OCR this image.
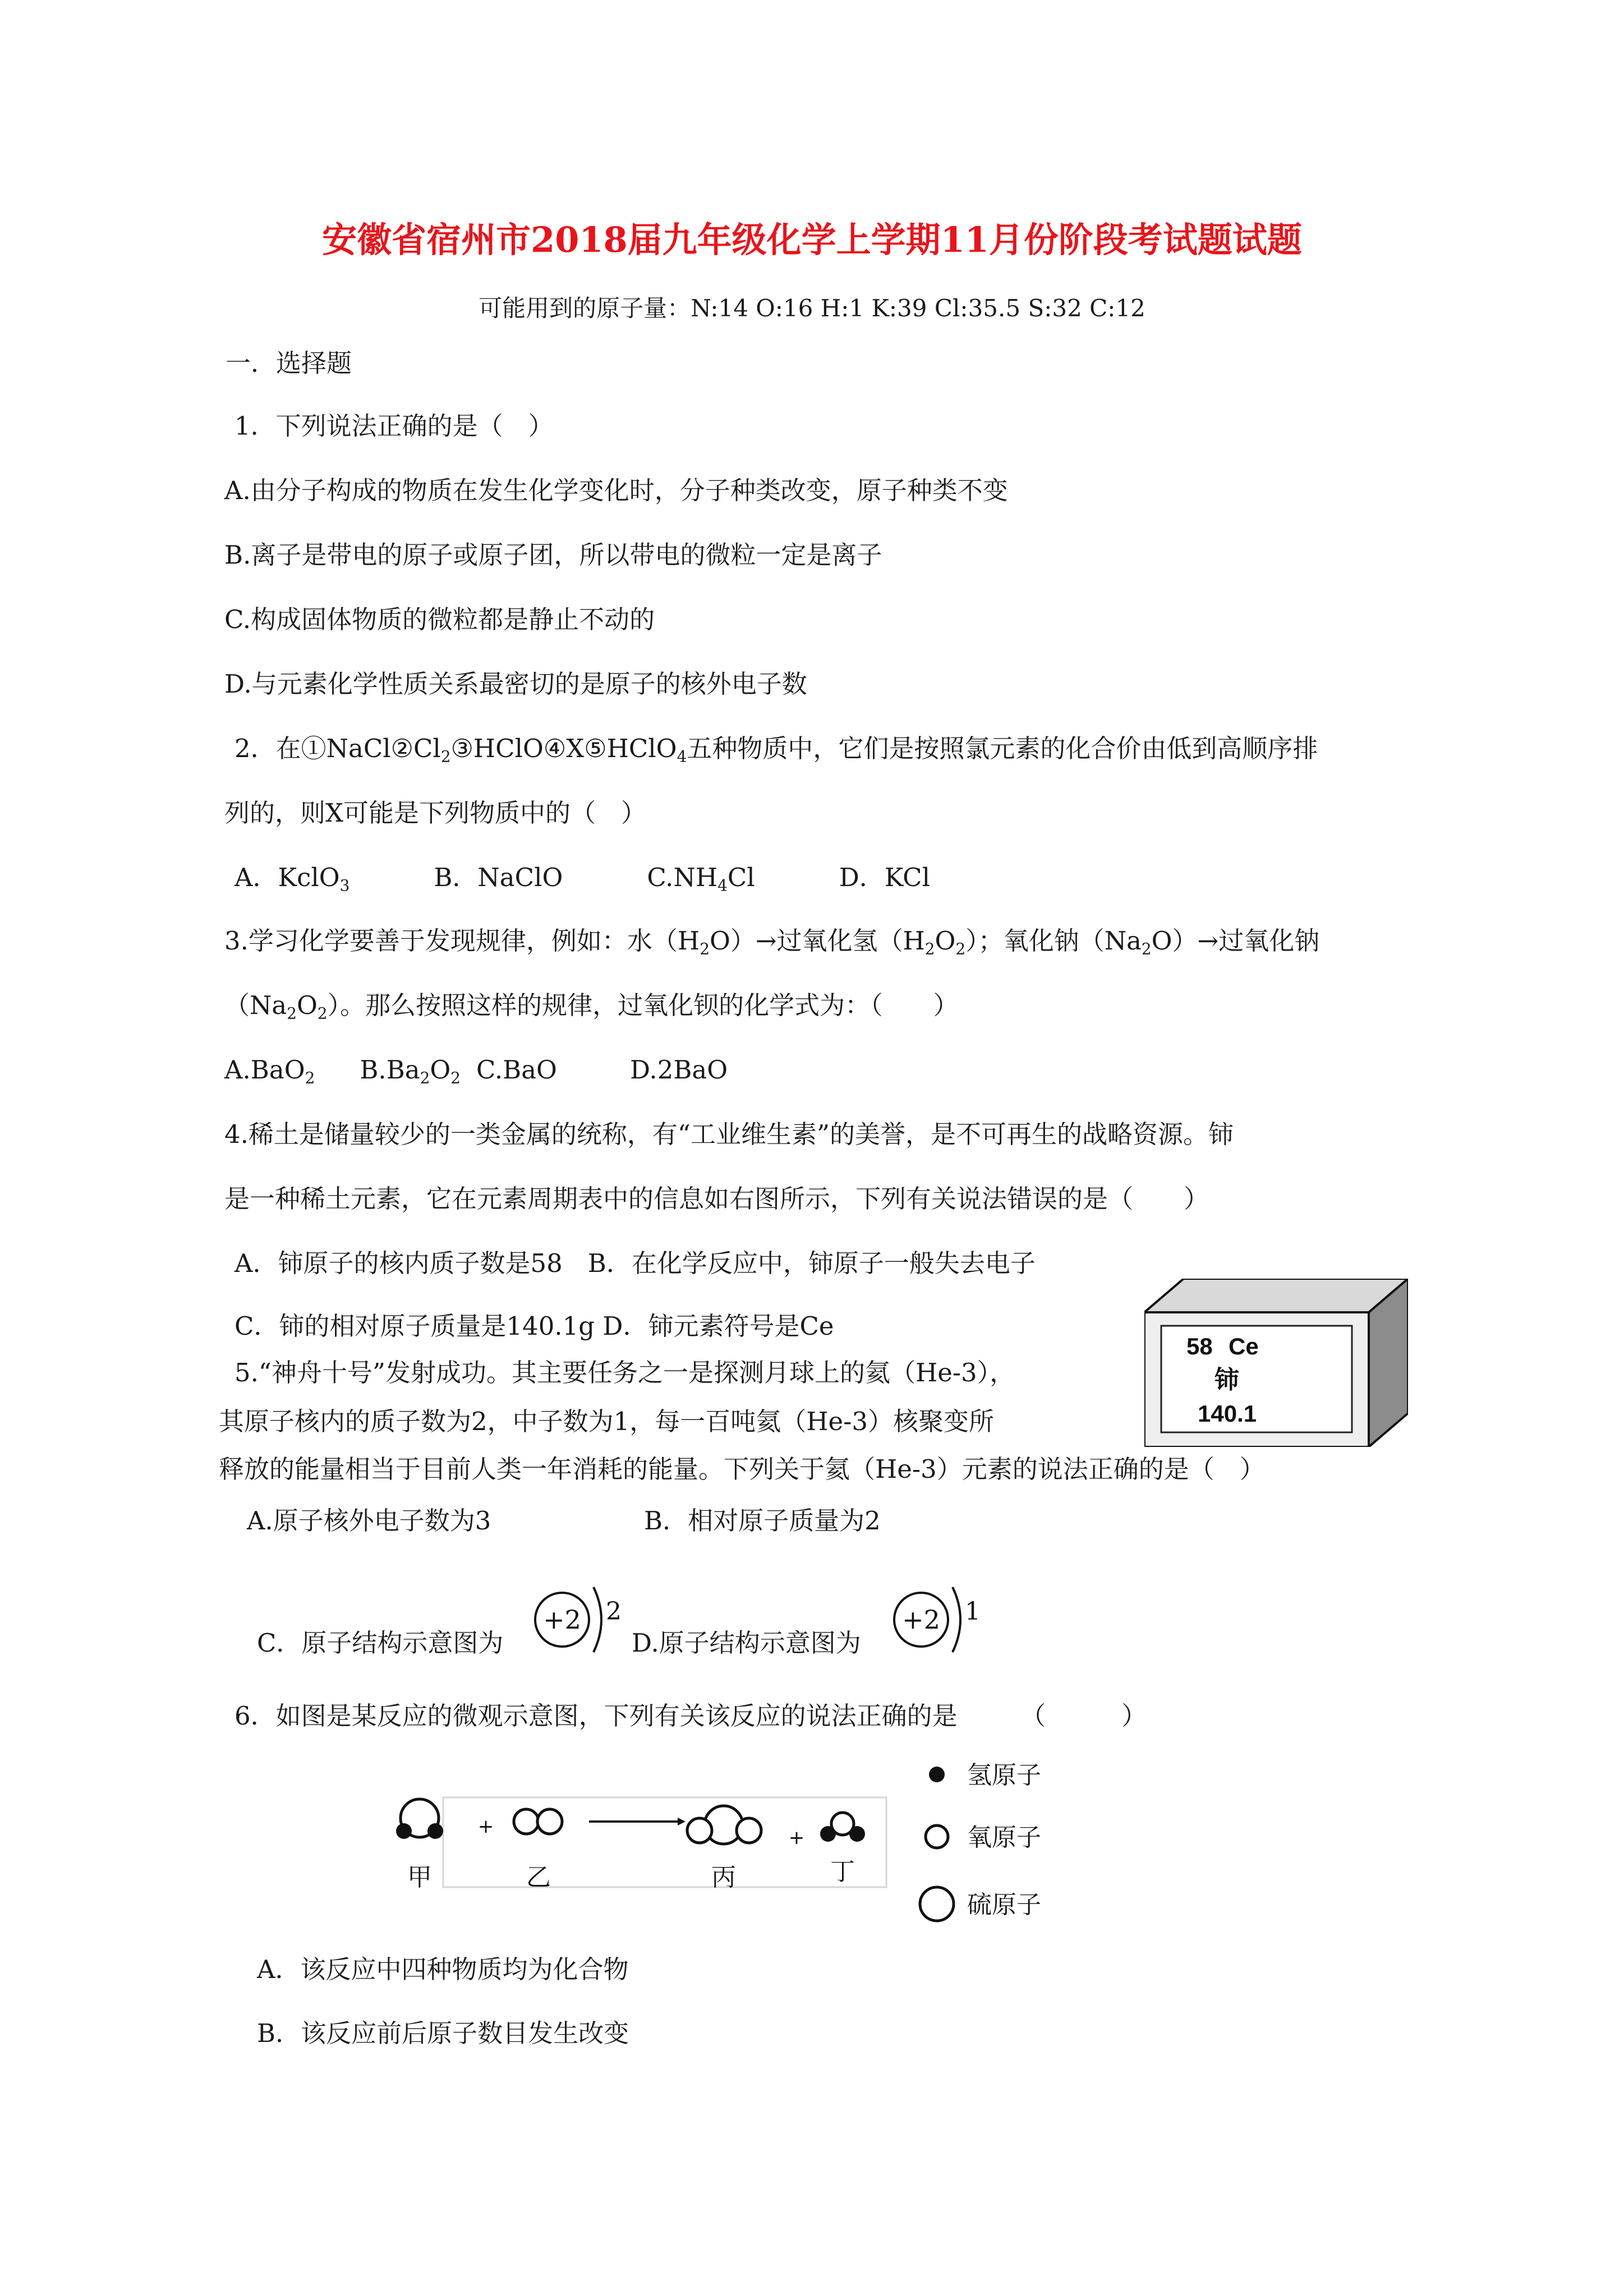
安徽省宿州市2018届九年级化学上学期11月份阶段考试题试题
可能用到的原子量：N:14 O:16 H:1 K:39 Cl:35.5 S:32 C:12
一．选择题
1．下列说法正确的是（　）
A.由分子构成的物质在发生化学变化时，分子种类改变，原子种类不变
B.离子是带电的原子或原子团，所以带电的微粒一定是离子
C.构成固体物质的微粒都是静止不动的
D.与元素化学性质关系最密切的是原子的核外电子数
2．在$①NaCl②Cl_2③HClO④X⑤HClO_4$五种物质中，它们是按照氯元素的化合价由低到高顺序排
列的，则X可能是下列物质中的（　）
A．KclO$_3$	B．NaClO	$C.NH_4Cl$	D．KCl
3.学习化学要善于发现规律，例如：水$(H_2O)\to$过氧化氢$(H_2O_2)$；氧化钠$(Na_2O)\to$过氧化钠
$(Na_2O_2)$。那么按照这样的规律，过氧化钡的化学式为：（　　）
A.BaO$_2$ $B.Ba_2O_2$ C.BaO	D.2BaO
4.稀土是储量较少的一类金属的统称，有“工业维生素”的美誉，是不可再生的战略资源。铈
是一种稀土元素，它在元素周期表中的信息如右图所示，下列有关说法错误的是（　　）
A．铈原子的核内质子数是58　B．在化学反应中，铈原子一般失去电子
C．铈的相对原子质量是140.1g D．铈元素符号是Ce
58 Ce
铈
140.1
5.“神舟十号”发射成功。其主要任务之一是探测月球上的氦（He-3），
其原子核内的质子数为2，中子数为1，每一百吨氦（He-3）核聚变所
释放的能量相当于目前人类一年消耗的能量。下列关于氦（He-3）元素的说法正确的是（　）
A.原子核外电子数为3	B．相对原子质量为2
C．原子结构示意图为
+2 2
D.原子结构示意图为
+2 1
6．如图是某反应的微观示意图，下列有关该反应的说法正确的是　　　（　　　）
+	+
甲	乙	丙	丁
氢原子
氧原子
硫原子
A．该反应中四种物质均为化合物
B．该反应前后原子数目发生改变
